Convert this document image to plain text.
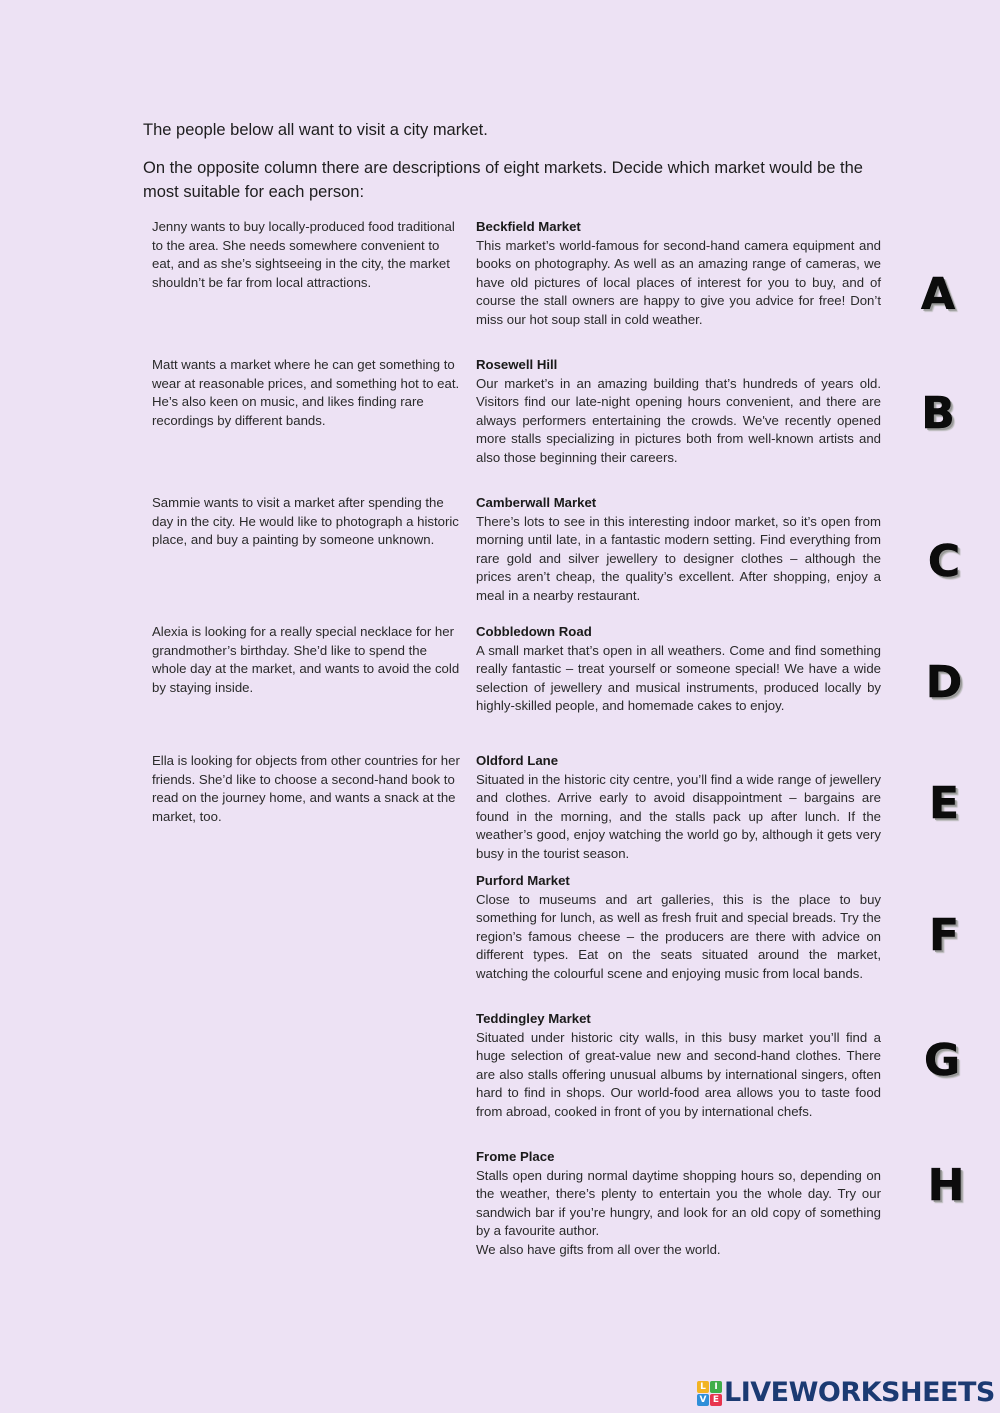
The people below all want to visit a city market.
On the opposite column there are descriptions of eight markets. Decide which market would be the most suitable for each person:
Jenny wants to buy locally-produced food traditional to the area. She needs somewhere convenient to eat, and as she’s sightseeing in the city, the market shouldn’t be far from local attractions.
Matt wants a market where he can get something to wear at reasonable prices, and something hot to eat. He’s also keen on music, and likes finding rare recordings by different bands.
Sammie wants to visit a market after spending the day in the city. He would like to photograph a historic place, and buy a painting by someone unknown.
Alexia is looking for a really special necklace for her grandmother’s birthday. She’d like to spend the whole day at the market, and wants to avoid the cold by staying inside.
Ella is looking for objects from other countries for her friends. She’d like to choose a second-hand book to read on the journey home, and wants a snack at the market, too.
Beckfield Market
This market’s world-famous for second-hand camera equipment and books on photography. As well as an amazing range of cameras, we have old pictures of local places of interest for you to buy, and of course the stall owners are happy to give you advice for free! Don’t miss our hot soup stall in cold weather.
Rosewell Hill
Our market’s in an amazing building that’s hundreds of years old. Visitors find our late-night opening hours convenient, and there are always performers entertaining the crowds. We've recently opened more stalls specializing in pictures both from well-known artists and also those beginning their careers.
Camberwall Market
There’s lots to see in this interesting indoor market, so it’s open from morning until late, in a fantastic modern setting. Find everything from rare gold and silver jewellery to designer clothes – although the prices aren’t cheap, the quality’s excellent. After shopping, enjoy a meal in a nearby restaurant.
Cobbledown Road
A small market that’s open in all weathers. Come and find something really fantastic – treat yourself or someone special! We have a wide selection of jewellery and musical instruments, produced locally by highly-skilled people, and homemade cakes to enjoy.
Oldford Lane
Situated in the historic city centre, you’ll find a wide range of jewellery and clothes. Arrive early to avoid disappointment – bargains are found in the morning, and the stalls pack up after lunch. If the weather’s good, enjoy watching the world go by, although it gets very busy in the tourist season.
Purford Market
Close to museums and art galleries, this is the place to buy something for lunch, as well as fresh fruit and special breads. Try the region’s famous cheese – the producers are there with advice on different types. Eat on the seats situated around the market, watching the colourful scene and enjoying music from local bands.
Teddingley Market
Situated under historic city walls, in this busy market you’ll find a huge selection of great-value new and second-hand clothes. There are also stalls offering unusual albums by international singers, often hard to find in shops. Our world-food area allows you to taste food from abroad, cooked in front of you by international chefs.
Frome Place
Stalls open during normal daytime shopping hours so, depending on the weather, there’s plenty to entertain you the whole day. Try our sandwich bar if you’re hungry, and look for an old copy of something by a favourite author.
We also have gifts from all over the world.
A
B
C
D
E
F
G
H
L I
V E LIVEWORKSHEETS
